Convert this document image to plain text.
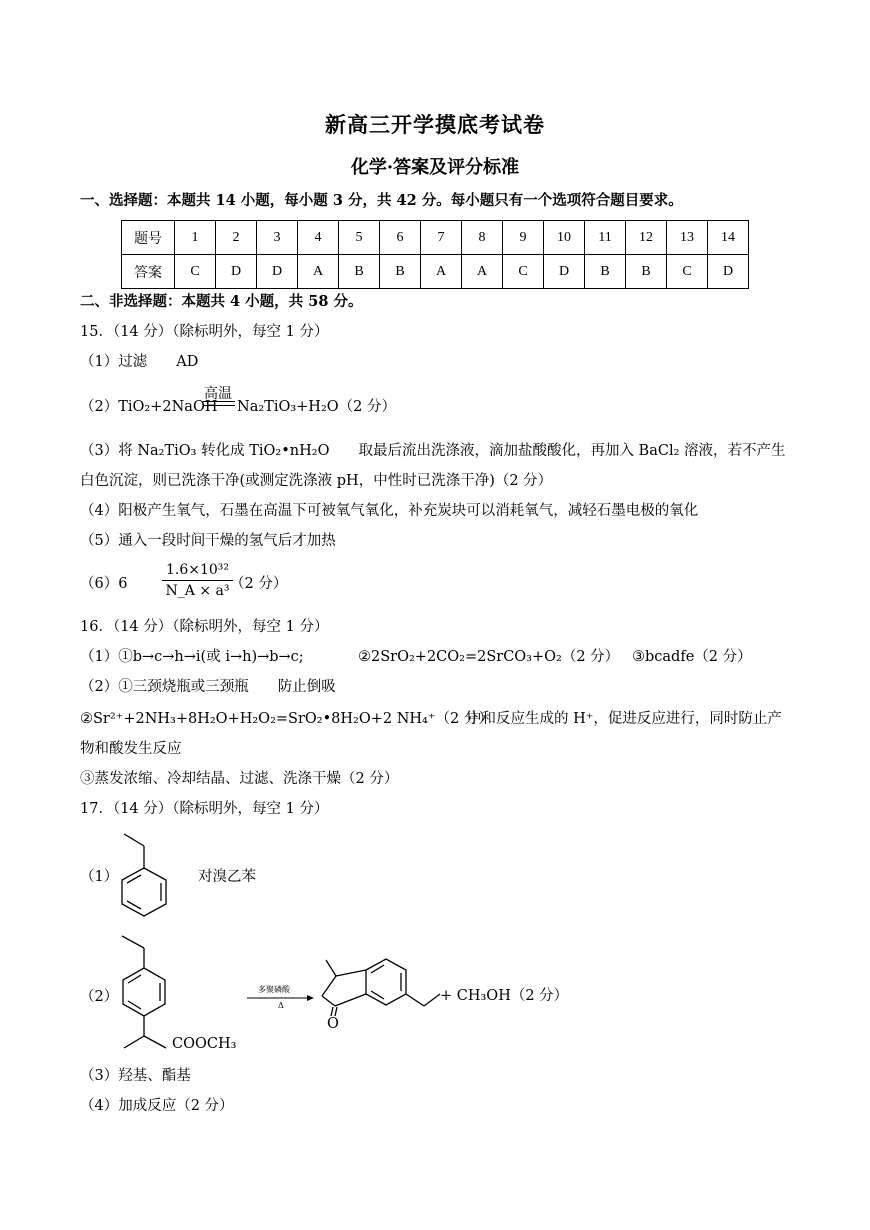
新高三开学摸底考试卷
化学·答案及评分标准
一、选择题：本题共 14 小题，每小题 3 分，共 42 分。每小题只有一个选项符合题目要求。
题号	1	2	3	4	5	6	7	8	9	10	11	12	13	14
答案	C	D	D	A	B	B	A	A	C	D	B	B	C	D
二、非选择题：本题共 4 小题，共 58 分。
15．（14 分）（除标明外，每空 1 分）
（1）过滤　　AD
（2）TiO₂+2NaOH
高温
Na₂TiO₃+H₂O（2 分）
（3）将 Na₂TiO₃ 转化成 TiO₂•nH₂O　　取最后流出洗涤液，滴加盐酸酸化，再加入 BaCl₂ 溶液，若不产生
白色沉淀，则已洗涤干净(或测定洗涤液 pH，中性时已洗涤干净)（2 分）
（4）阳极产生氧气，石墨在高温下可被氧气氧化，补充炭块可以消耗氧气，减轻石墨电极的氧化
（5）通入一段时间干燥的氢气后才加热
$(6)6 \frac{\text{1.6×10³²}}{\text{N\_A × a³}}$
（2 分）
16．（14 分）（除标明外，每空 1 分）
（1）①b→c→h→i(或 i→h)→b→c;	②2SrO₂+2CO₂=2SrCO₃+O₂（2 分） ③bcadfe（2 分）
（2）①三颈烧瓶或三颈瓶　　防止倒吸
②Sr²⁺+2NH₃+8H₂O+H₂O₂=SrO₂•8H₂O+2 NH₄⁺（2 分）
中和反应生成的 H⁺，促进反应进行，同时防止产
物和酸发生反应
③蒸发浓缩、冷却结晶、过滤、洗涤干燥（2 分）
17．（14 分）（除标明外，每空 1 分）
（1）	对溴乙苯
（2）
COOCH₃
多聚磷酸
Δ
O
+ CH₃OH（2 分）
（3）羟基、酯基
（4）加成反应（2 分）
